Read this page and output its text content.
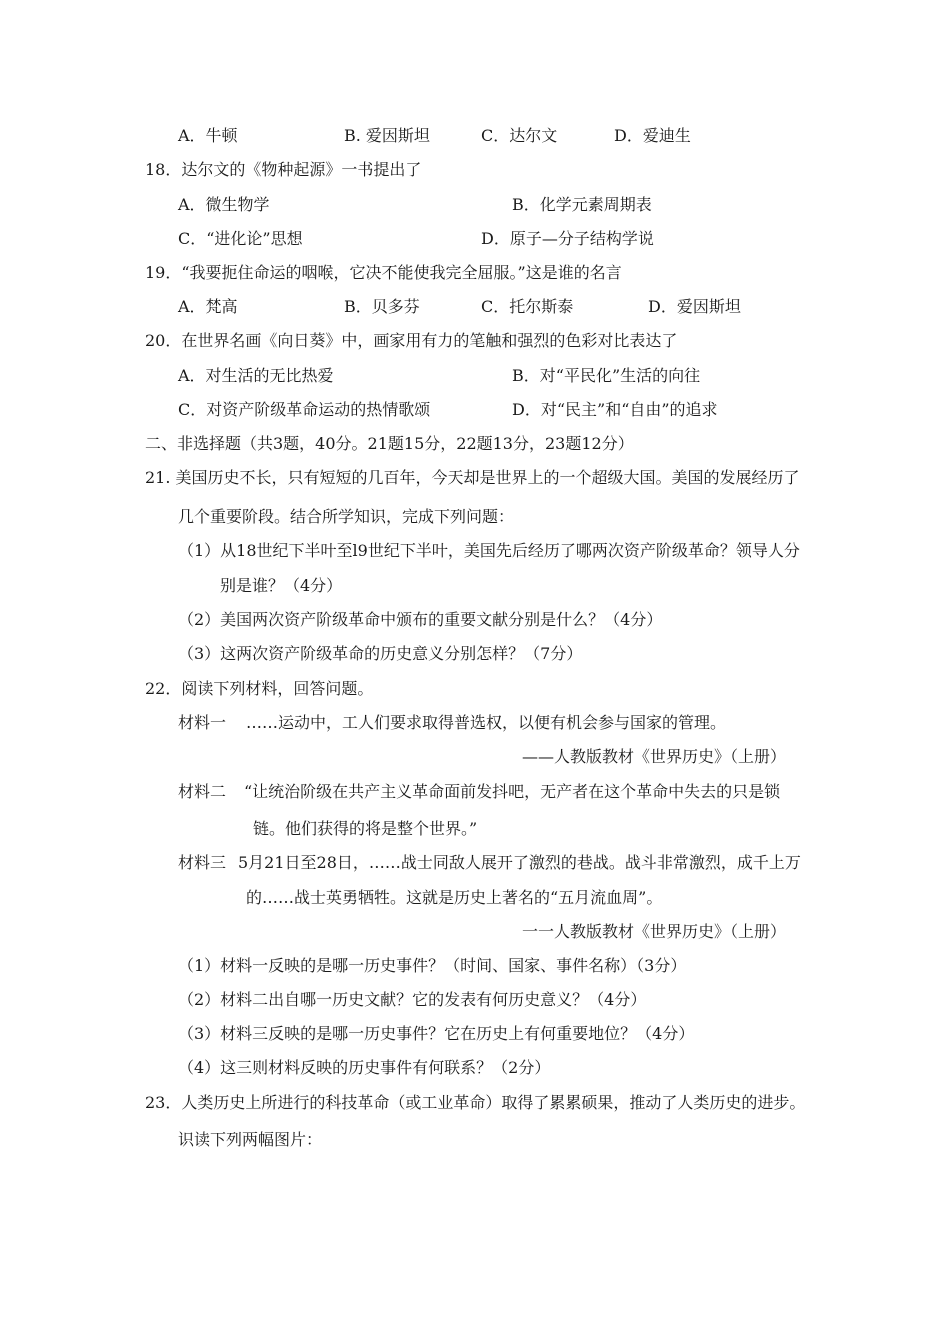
A．牛顿	B. 爱因斯坦	C．达尔文	D．爱迪生
18．达尔文的《物种起源》一书提出了
A．微生物学	B．化学元素周期表
C．“进化论”思想	D．原子—分子结构学说
19．“我要扼住命运的咽喉，它决不能使我完全屈服。”这是谁的名言
A．梵高	B．贝多芬	C．托尔斯泰	D．爱因斯坦
20．在世界名画《向日葵》中，画家用有力的笔触和强烈的色彩对比表达了
A．对生活的无比热爱	B．对“平民化”生活的向往
C．对资产阶级革命运动的热情歌颂	D．对“民主”和“自由”的追求
二、非选择题（共3题，40分。21题15分，22题13分，23题12分）
21. 美国历史不长，只有短短的几百年，今天却是世界上的一个超级大国。美国的发展经历了
几个重要阶段。结合所学知识，完成下列问题：
（1）从18世纪下半叶至l9世纪下半叶，美国先后经历了哪两次资产阶级革命？领导人分
别是谁？（4分）
（2）美国两次资产阶级革命中颁布的重要文献分别是什么？（4分）
（3）这两次资产阶级革命的历史意义分别怎样？（7分）
22．阅读下列材料，回答问题。
材料一 ……运动中，工人们要求取得普选权，以便有机会参与国家的管理。
——人教版教材《世界历史》（上册）
材料二 “让统治阶级在共产主义革命面前发抖吧，无产者在这个革命中失去的只是锁
链。他们获得的将是整个世界。”
材料三 5月21日至28日，……战士同敌人展开了激烈的巷战。战斗非常激烈，成千上万
的……战士英勇牺牲。这就是历史上著名的“五月流血周”。
一一人教版教材《世界历史》（上册）
（1）材料一反映的是哪一历史事件？（时间、国家、事件名称）（3分）
（2）材料二出自哪一历史文献？它的发表有何历史意义？（4分）
（3）材料三反映的是哪一历史事件？它在历史上有何重要地位？（4分）
（4）这三则材料反映的历史事件有何联系？（2分）
23．人类历史上所进行的科技革命（或工业革命）取得了累累硕果，推动了人类历史的进步。
识读下列两幅图片：
